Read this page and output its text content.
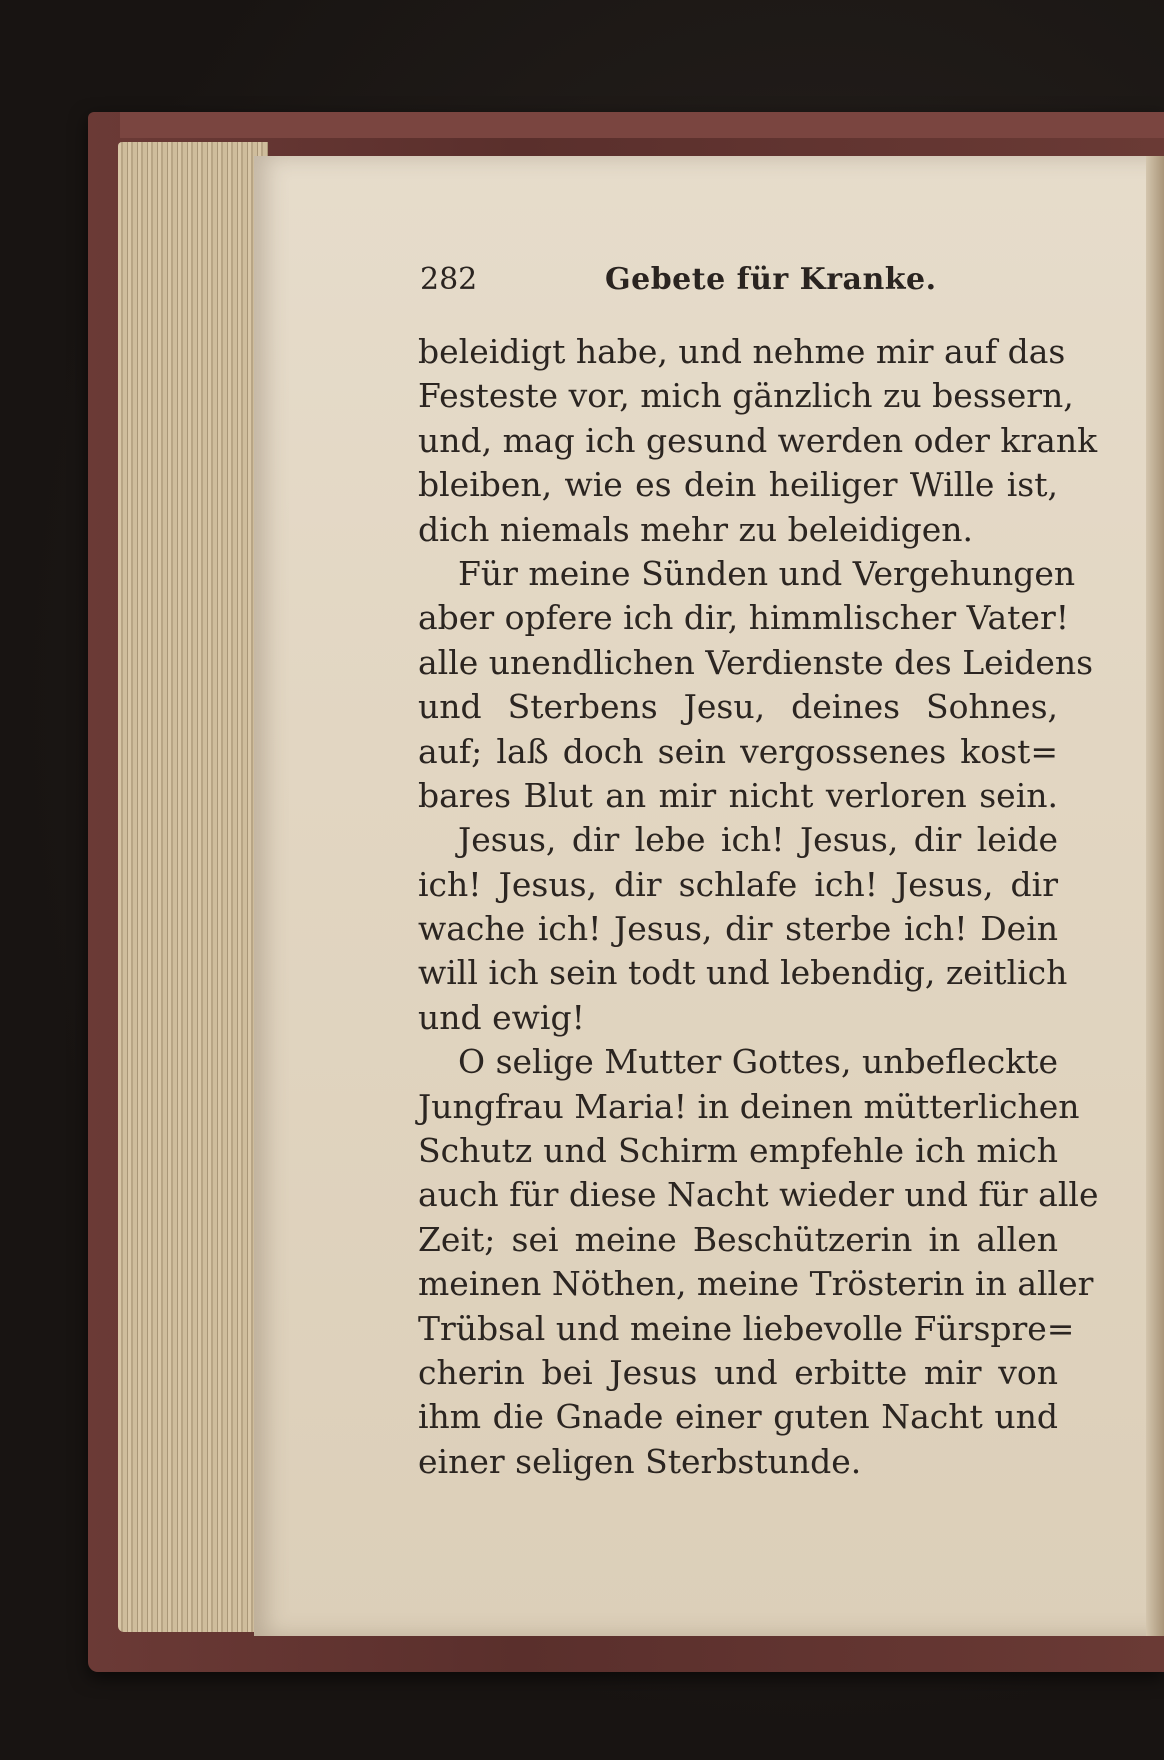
282	Gebete für Kranke.
beleidigt habe, und nehme mir auf das
Festeste vor, mich gänzlich zu bessern,
und, mag ich gesund werden oder krank
bleiben, wie es dein heiliger Wille ist,
dich niemals mehr zu beleidigen.
Für meine Sünden und Vergehungen
aber opfere ich dir, himmlischer Vater!
alle unendlichen Verdienste des Leidens
und Sterbens Jesu, deines Sohnes,
auf; laß doch sein vergossenes kost=
bares Blut an mir nicht verloren sein.
Jesus, dir lebe ich! Jesus, dir leide
ich! Jesus, dir schlafe ich! Jesus, dir
wache ich! Jesus, dir sterbe ich! Dein
will ich sein todt und lebendig, zeitlich
und ewig!
O selige Mutter Gottes, unbefleckte
Jungfrau Maria! in deinen mütterlichen
Schutz und Schirm empfehle ich mich
auch für diese Nacht wieder und für alle
Zeit; sei meine Beschützerin in allen
meinen Nöthen, meine Trösterin in aller
Trübsal und meine liebevolle Fürspre=
cherin bei Jesus und erbitte mir von
ihm die Gnade einer guten Nacht und
einer seligen Sterbstunde.
